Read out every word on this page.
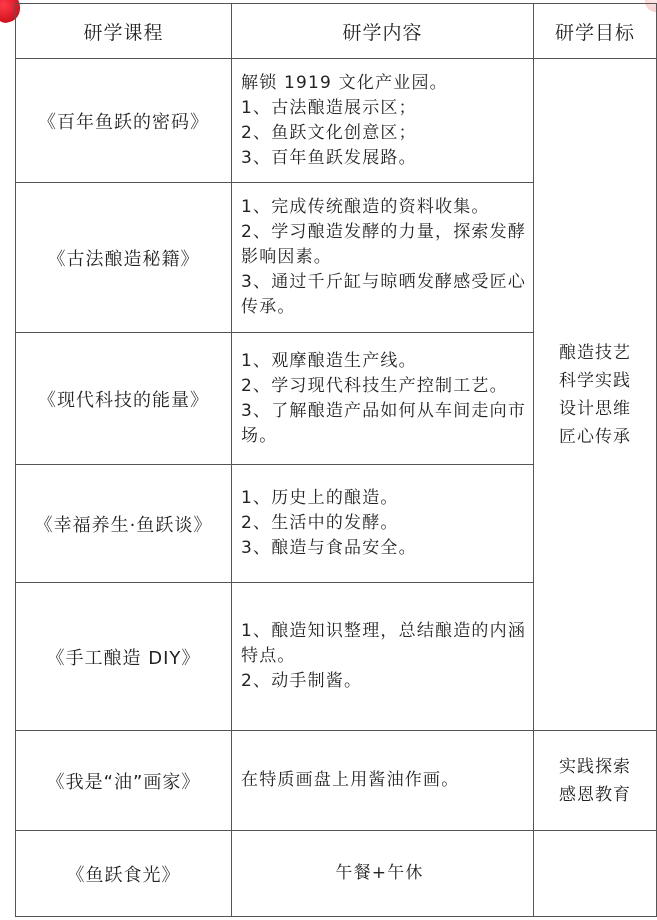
研学课程	研学内容	研学目标
《百年鱼跃的密码》	解锁 1919 文化产业园。
1、古法酿造展示区；
2、鱼跃文化创意区；
3、百年鱼跃发展路。	酿造技艺
科学实践
设计思维
匠心传承

《古法酿造秘籍》	1、完成传统酿造的资料收集。
2、学习酿造发酵的力量，探索发酵影响因素。
3、通过千斤缸与晾晒发酵感受匠心传承。	

《现代科技的能量》	1、观摩酿造生产线。
2、学习现代科技生产控制工艺。
3、了解酿造产品如何从车间走向市场。	

《幸福养生·鱼跃谈》	1、历史上的酿造。
2、生活中的发酵。
3、酿造与食品安全。	

《手工酿造 DIY》	1、酿造知识整理，总结酿造的内涵特点。
2、动手制酱。	

《我是“油”画家》	在特质画盘上用酱油作画。	实践探索
感恩教育

《鱼跃食光》	午餐+午休	
